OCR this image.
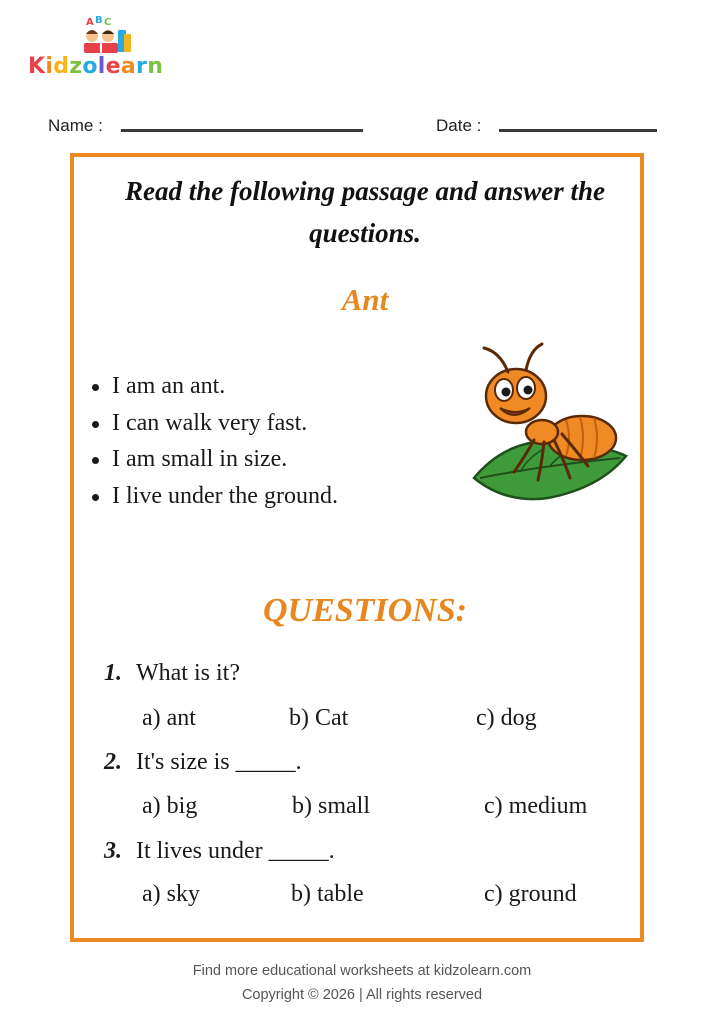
A B C
Kidzolearn
Name :	Date :
Read the following passage and answer the questions.
Ant
I am an ant.
I can walk very fast.
I am small in size.
I live under the ground.
QUESTIONS:
1. What is it?
a) ant	b) Cat	c) dog
2. It's size is _____.
a) big	b) small	c) medium
3. It lives under _____.
a) sky	b) table	c) ground
Find more educational worksheets at kidzolearn.com
Copyright © 2026 | All rights reserved
